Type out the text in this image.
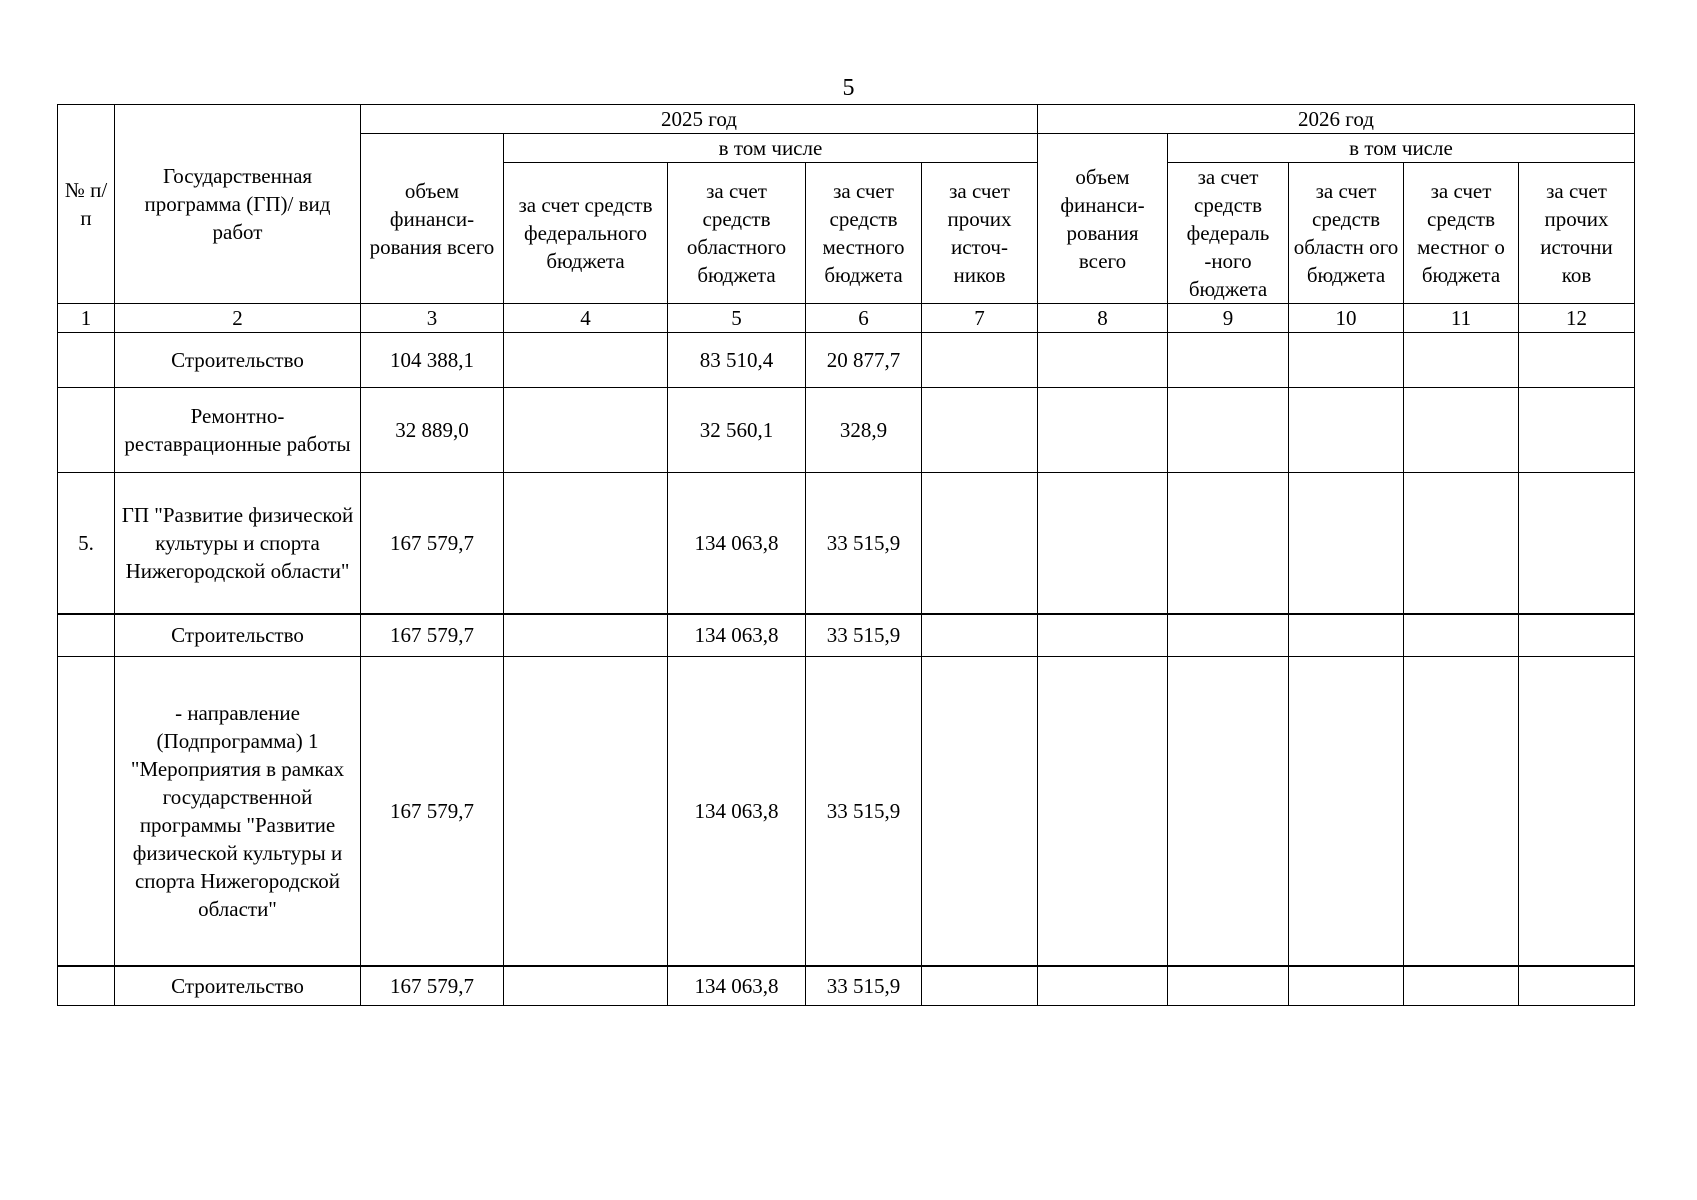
5
№ п/п	Государственная программа (ГП)/ вид работ	2025 год					2026 год				
		объем финанси-рования всего	в том числе				объем финанси-рования всего	в том числе			
			за счет средств федерального бюджета	за счет средств областного бюджета	за счет средств местного бюджета	за счет прочих источ-ников		за счет средств федераль -ного бюджета	за счет средств областн ого бюджета	за счет средств местног о бюджета	за счет прочих источни ков
1	2	3	4	5	6	7	8	9	10	11	12
	Строительство	104 388,1		83 510,4	20 877,7						
	Ремонтно-реставрационные работы	32 889,0		32 560,1	328,9						
5.	ГП "Развитие физической культуры и спорта Нижегородской области"	167 579,7		134 063,8	33 515,9						
	Строительство	167 579,7		134 063,8	33 515,9						
	- направление (Подпрограмма) 1 "Мероприятия в рамках государственной программы "Развитие физической культуры и спорта Нижегородской области"	167 579,7		134 063,8	33 515,9						
	Строительство	167 579,7		134 063,8	33 515,9						
